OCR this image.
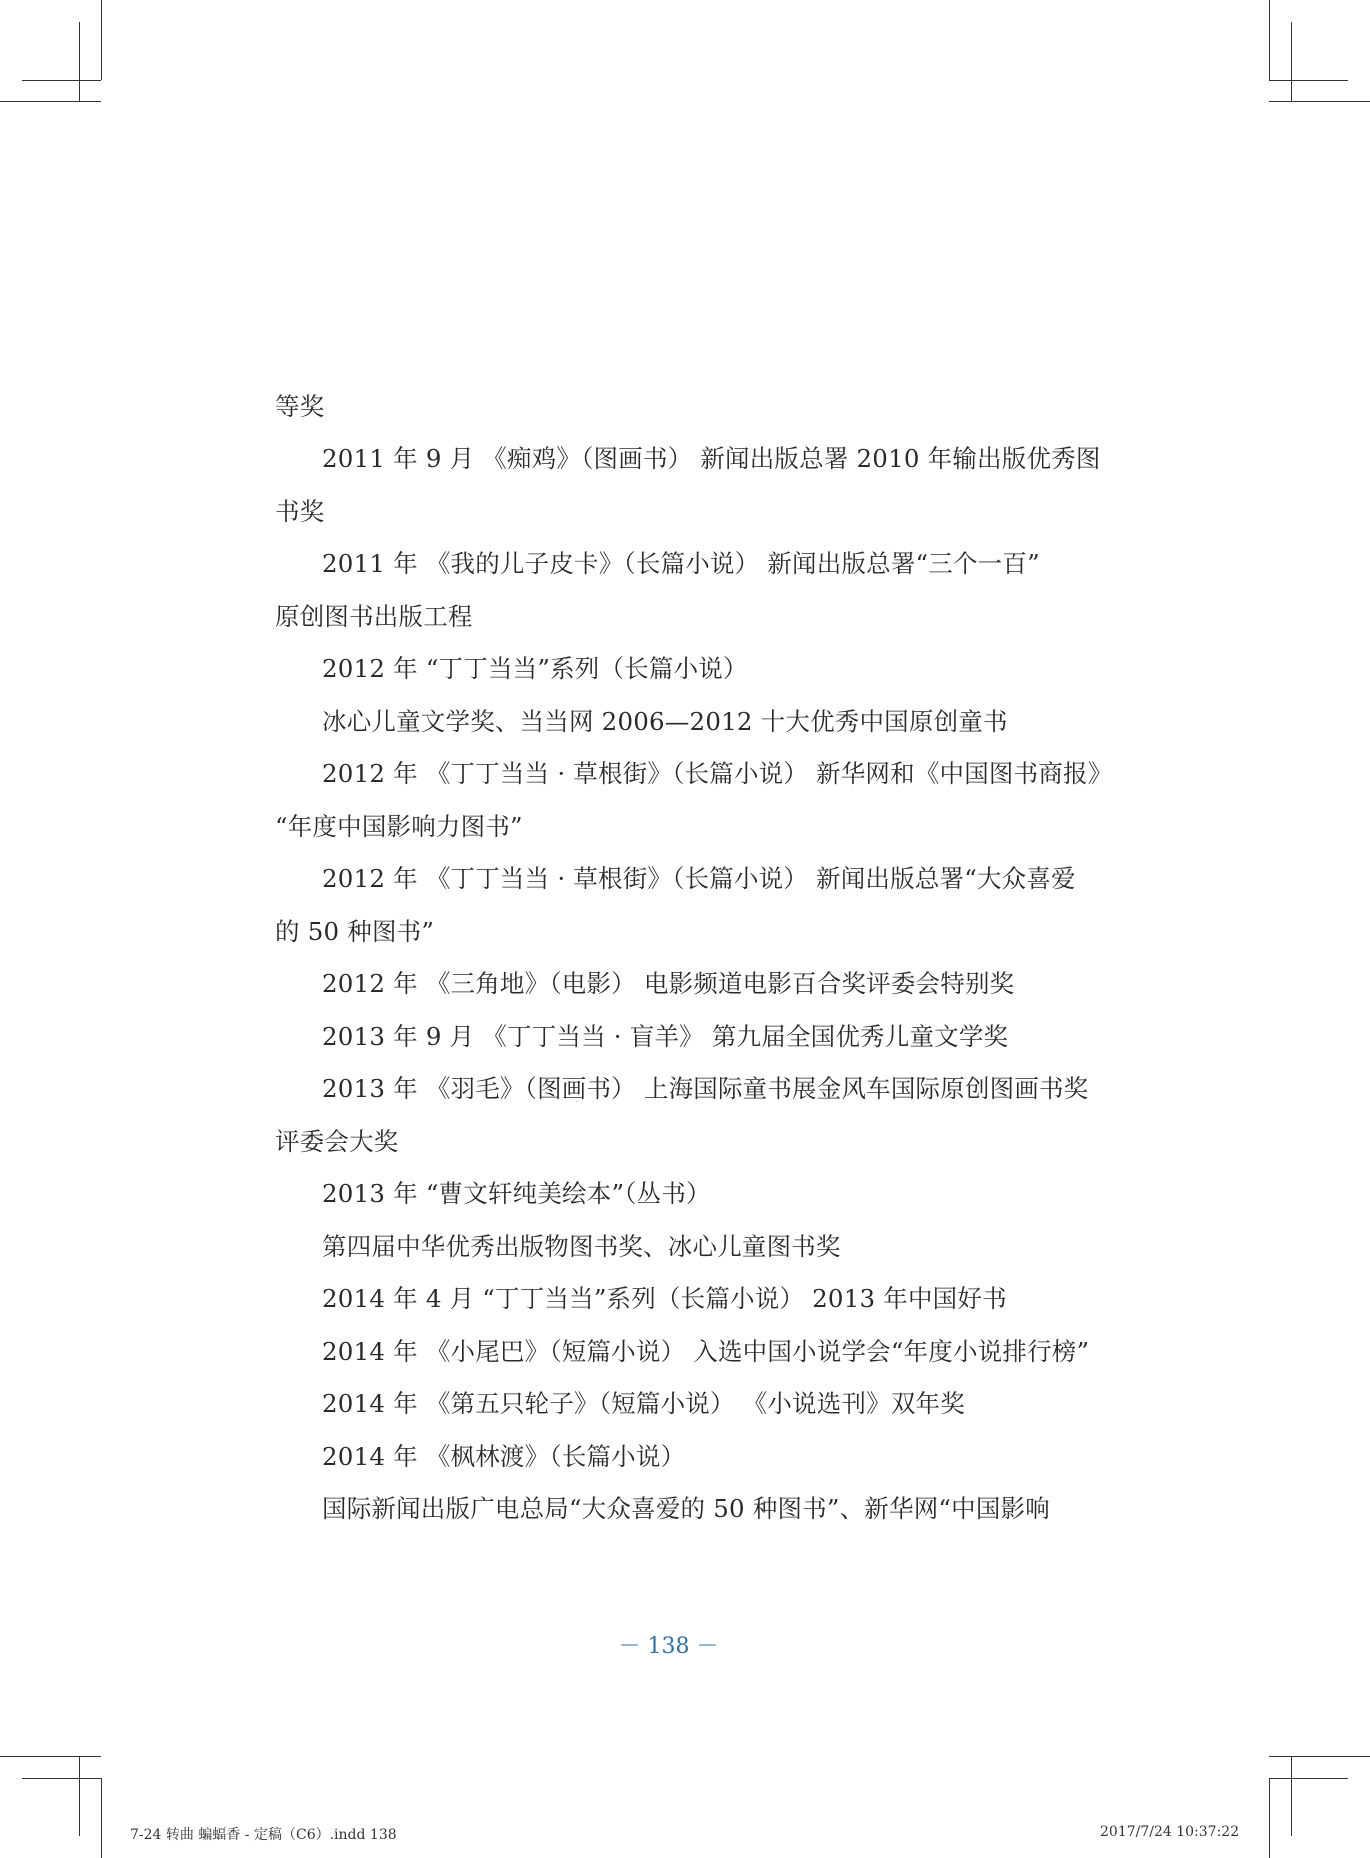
等奖
2011 年 9 月 《痴鸡》（图画书） 新闻出版总署 2010 年输出版优秀图
书奖
2011 年 《我的儿子皮卡》（长篇小说） 新闻出版总署“三个一百”
原创图书出版工程
2012 年 “丁丁当当”系列（长篇小说）
冰心儿童文学奖、当当网 2006—2012 十大优秀中国原创童书
2012 年 《丁丁当当 · 草根街》（长篇小说） 新华网和《中国图书商报》
“年度中国影响力图书”
2012 年 《丁丁当当 · 草根街》（长篇小说） 新闻出版总署“大众喜爱
的 50 种图书”
2012 年 《三角地》（电影） 电影频道电影百合奖评委会特别奖
2013 年 9 月 《丁丁当当 · 盲羊》 第九届全国优秀儿童文学奖
2013 年 《羽毛》（图画书） 上海国际童书展金风车国际原创图画书奖
评委会大奖
2013 年 “曹文轩纯美绘本”（丛书）
第四届中华优秀出版物图书奖、冰心儿童图书奖
2014 年 4 月 “丁丁当当”系列（长篇小说） 2013 年中国好书
2014 年 《小尾巴》（短篇小说） 入选中国小说学会“年度小说排行榜”
2014 年 《第五只轮子》（短篇小说） 《小说选刊》双年奖
2014 年 《枫林渡》（长篇小说）
国际新闻出版广电总局“大众喜爱的 50 种图书”、新华网“中国影响
－ 138 －
7-24 转曲 蝙蝠香 - 定稿（C6）.indd 138	2017/7/24 10:37:22
